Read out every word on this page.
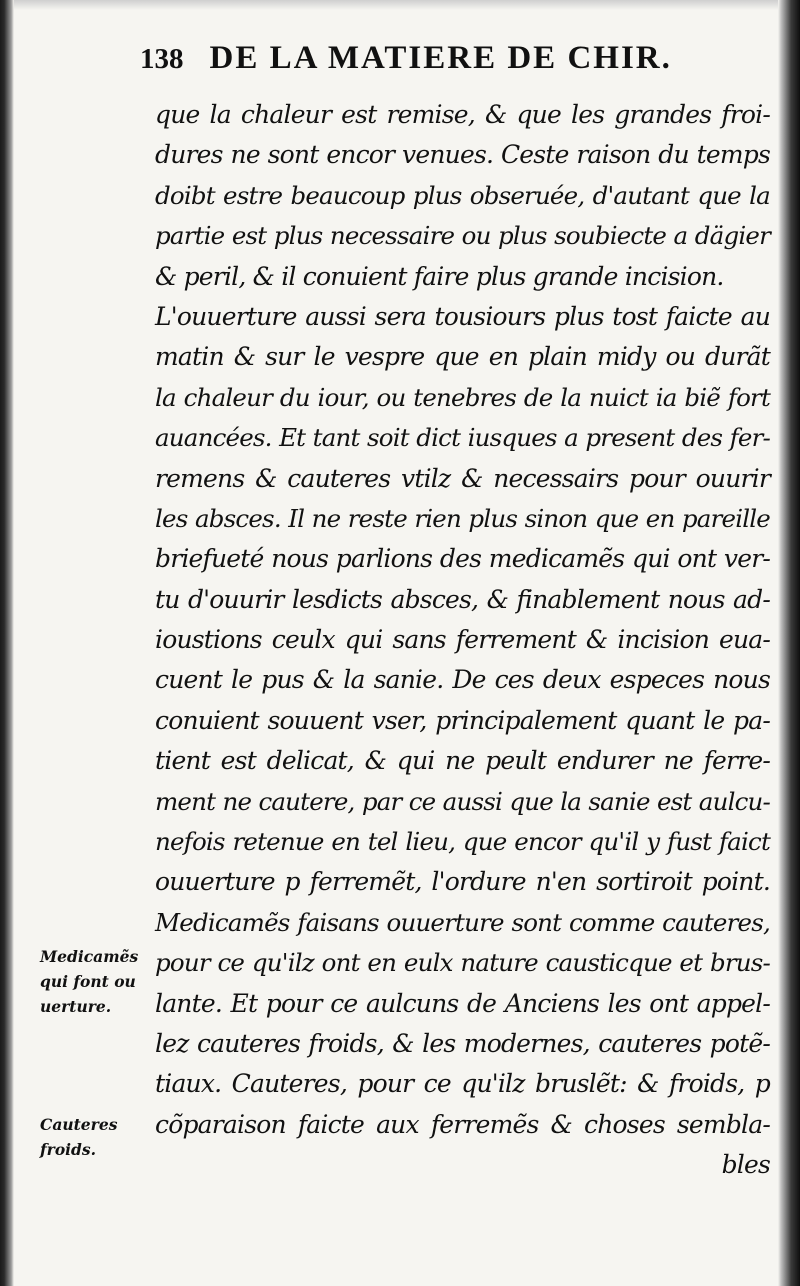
138 DE LA MATIERE DE CHIR.
que la chaleur est remise, & que les grandes froi-
dures ne sont encor venues. Ceste raison du temps
doibt estre beaucoup plus obseruée, d'autant que la
partie est plus necessaire ou plus soubiecte a dägier
& peril, & il conuient faire plus grande incision.
L'ouuerture aussi sera tousiours plus tost faicte au
matin & sur le vespre que en plain midy ou durãt
la chaleur du iour, ou tenebres de la nuict ia biẽ fort
auancées. Et tant soit dict iusques a present des fer-
remens & cauteres vtilz & necessairs pour ouurir
les absces. Il ne reste rien plus sinon que en pareille
briefueté nous parlions des medicamẽs qui ont ver-
tu d'ouurir lesdicts absces, & finablement nous ad-
ioustions ceulx qui sans ferrement & incision eua-
cuent le pus & la sanie. De ces deux especes nous
conuient souuent vser, principalement quant le pa-
tient est delicat, & qui ne peult endurer ne ferre-
ment ne cautere, par ce aussi que la sanie est aulcu-
nefois retenue en tel lieu, que encor qu'il y fust faict
ouuerture p ferremẽt, l'ordure n'en sortiroit point.
Medicamẽs faisans ouuerture sont comme cauteres,
pour ce qu'ilz ont en eulx nature causticque et brus-
lante. Et pour ce aulcuns de Anciens les ont appel-
lez cauteres froids, & les modernes, cauteres potẽ-
tiaux. Cauteres, pour ce qu'ilz bruslẽt: & froids, p
cõparaison faicte aux ferremẽs & choses sembla-
bles
Medicamẽs
qui font ou
uerture.
Cauteres
froids.
